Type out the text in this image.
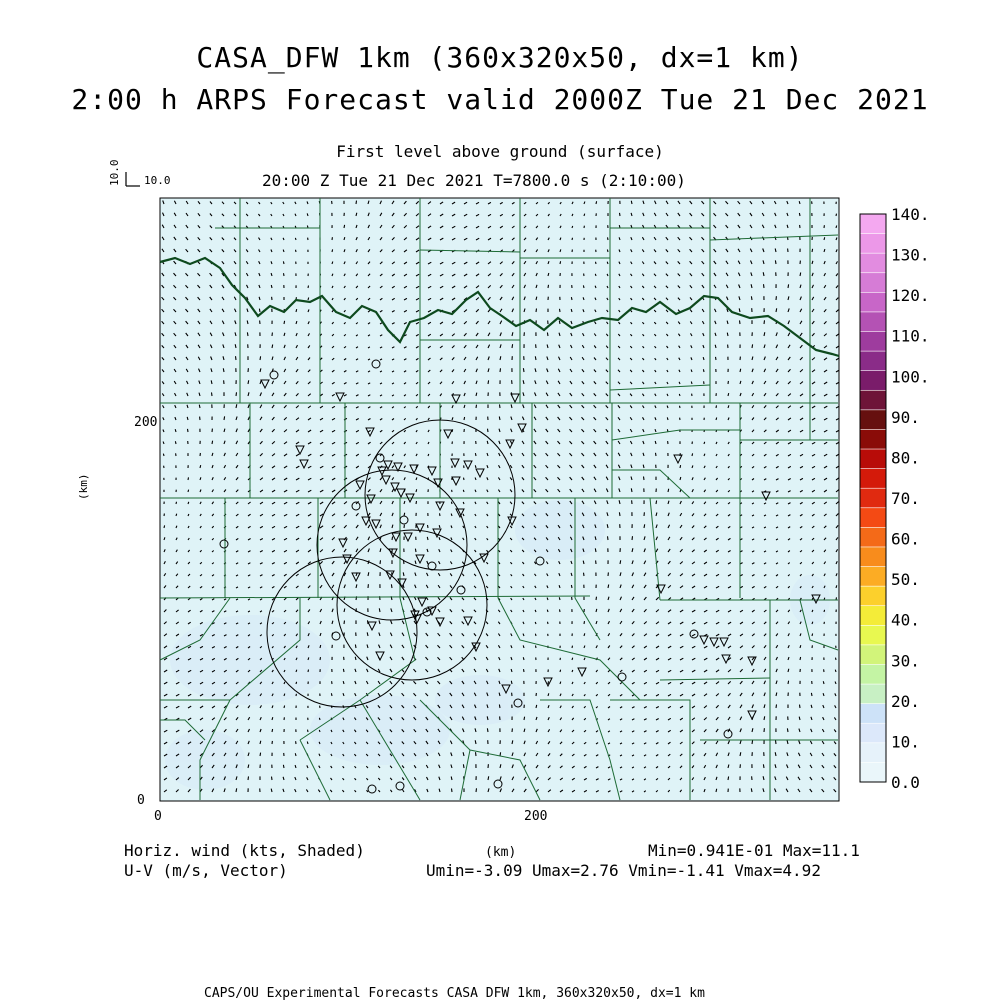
CASA_DFW 1km (360x320x50, dx=1 km)
2:00 h ARPS Forecast valid 2000Z Tue 21 Dec 2021
First level above ground (surface)
20:00 Z Tue 21 Dec 2021 T=7800.0 s (2:10:00)
10.0 10.0
200
0
0	200
(km)
140.
130.
120.
110.
100.
90.
80.
70.
60.
50.
40.
30.
20.
10.
0.0
Horiz. wind (kts, Shaded)
U-V (m/s, Vector)
(km)	Min=0.941E-01 Max=11.1
Umin=-3.09 Umax=2.76 Vmin=-1.41 Vmax=4.92
CAPS/OU Experimental Forecasts CASA DFW 1km, 360x320x50, dx=1 km
